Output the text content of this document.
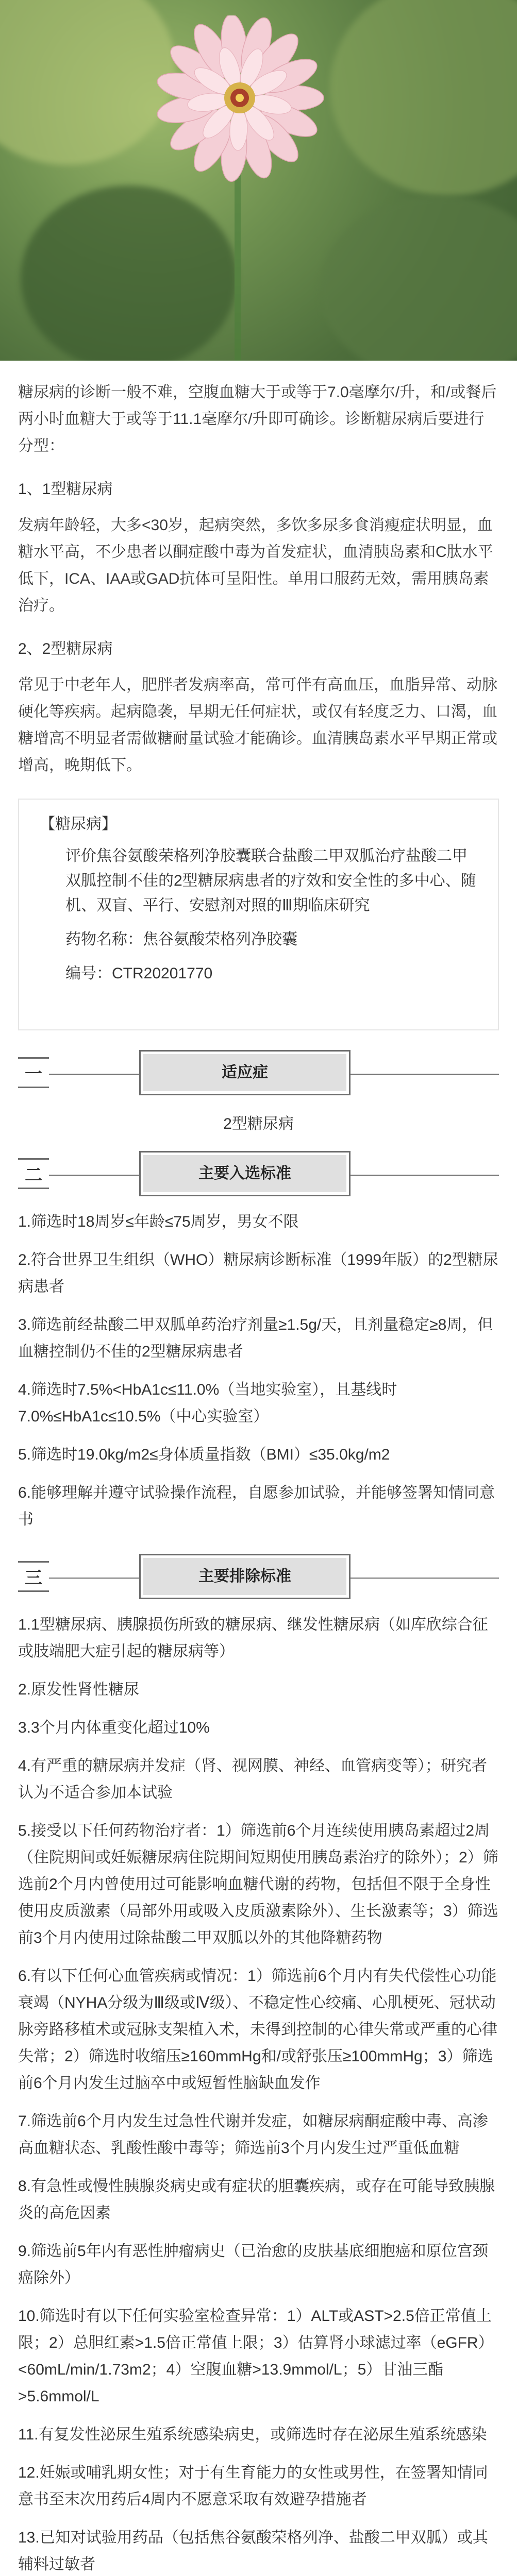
糖尿病的诊断一般不难，空腹血糖大于或等于7.0毫摩尔/升，和/或餐后两小时血糖大于或等于11.1毫摩尔/升即可确诊。诊断糖尿病后要进行分型：

1、1型糖尿病

发病年龄轻，大多<30岁，起病突然，多饮多尿多食消瘦症状明显，血糖水平高，不少患者以酮症酸中毒为首发症状，血清胰岛素和C肽水平低下，ICA、IAA或GAD抗体可呈阳性。单用口服药无效，需用胰岛素治疗。

2、2型糖尿病

常见于中老年人，肥胖者发病率高，常可伴有高血压，血脂异常、动脉硬化等疾病。起病隐袭，早期无任何症状，或仅有轻度乏力、口渴，血糖增高不明显者需做糖耐量试验才能确诊。血清胰岛素水平早期正常或增高，晚期低下。

【糖尿病】

评价焦谷氨酸荣格列净胶囊联合盐酸二甲双胍治疗盐酸二甲双胍控制不佳的2型糖尿病患者的疗效和安全性的多中心、随机、双盲、平行、安慰剂对照的Ⅲ期临床研究

药物名称：焦谷氨酸荣格列净胶囊

编号：CTR20201770

一	适应症
2型糖尿病
二	主要入选标准

1.筛选时18周岁≤年龄≤75周岁，男女不限

2.符合世界卫生组织（WHO）糖尿病诊断标准（1999年版）的2型糖尿病患者

3.筛选前经盐酸二甲双胍单药治疗剂量≥1.5g/天，且剂量稳定≥8周，但血糖控制仍不佳的2型糖尿病患者

4.筛选时7.5%<HbA1c≤11.0%（当地实验室），且基线时7.0%≤HbA1c≤10.5%（中心实验室）

5.筛选时19.0kg/m2≤身体质量指数（BMI）≤35.0kg/m2

6.能够理解并遵守试验操作流程，自愿参加试验，并能够签署知情同意书

三	主要排除标准

1.1型糖尿病、胰腺损伤所致的糖尿病、继发性糖尿病（如库欣综合征或肢端肥大症引起的糖尿病等）

2.原发性肾性糖尿

3.3个月内体重变化超过10%

4.有严重的糖尿病并发症（肾、视网膜、神经、血管病变等）；研究者认为不适合参加本试验

5.接受以下任何药物治疗者：1）筛选前6个月连续使用胰岛素超过2周（住院期间或妊娠糖尿病住院期间短期使用胰岛素治疗的除外）；2）筛选前2个月内曾使用过可能影响血糖代谢的药物，包括但不限于全身性使用皮质激素（局部外用或吸入皮质激素除外）、生长激素等；3）筛选前3个月内使用过除盐酸二甲双胍以外的其他降糖药物

6.有以下任何心血管疾病或情况：1）筛选前6个月内有失代偿性心功能衰竭（NYHA分级为Ⅲ级或Ⅳ级）、不稳定性心绞痛、心肌梗死、冠状动脉旁路移植术或冠脉支架植入术，未得到控制的心律失常或严重的心律失常；2）筛选时收缩压≥160mmHg和/或舒张压≥100mmHg；3）筛选前6个月内发生过脑卒中或短暂性脑缺血发作

7.筛选前6个月内发生过急性代谢并发症，如糖尿病酮症酸中毒、高渗高血糖状态、乳酸性酸中毒等；筛选前3个月内发生过严重低血糖

8.有急性或慢性胰腺炎病史或有症状的胆囊疾病，或存在可能导致胰腺炎的高危因素

9.筛选前5年内有恶性肿瘤病史（已治愈的皮肤基底细胞癌和原位宫颈癌除外）

10.筛选时有以下任何实验室检查异常：1）ALT或AST>2.5倍正常值上限；2）总胆红素>1.5倍正常值上限；3）估算肾小球滤过率（eGFR）<60mL/min/1.73m2；4）空腹血糖>13.9mmol/L；5）甘油三酯>5.6mmol/L

11.有复发性泌尿生殖系统感染病史，或筛选时存在泌尿生殖系统感染

12.妊娠或哺乳期女性；对于有生育能力的女性或男性，在签署知情同意书至末次用药后4周内不愿意采取有效避孕措施者

13.已知对试验用药品（包括焦谷氨酸荣格列净、盐酸二甲双胍）或其辅料过敏者
